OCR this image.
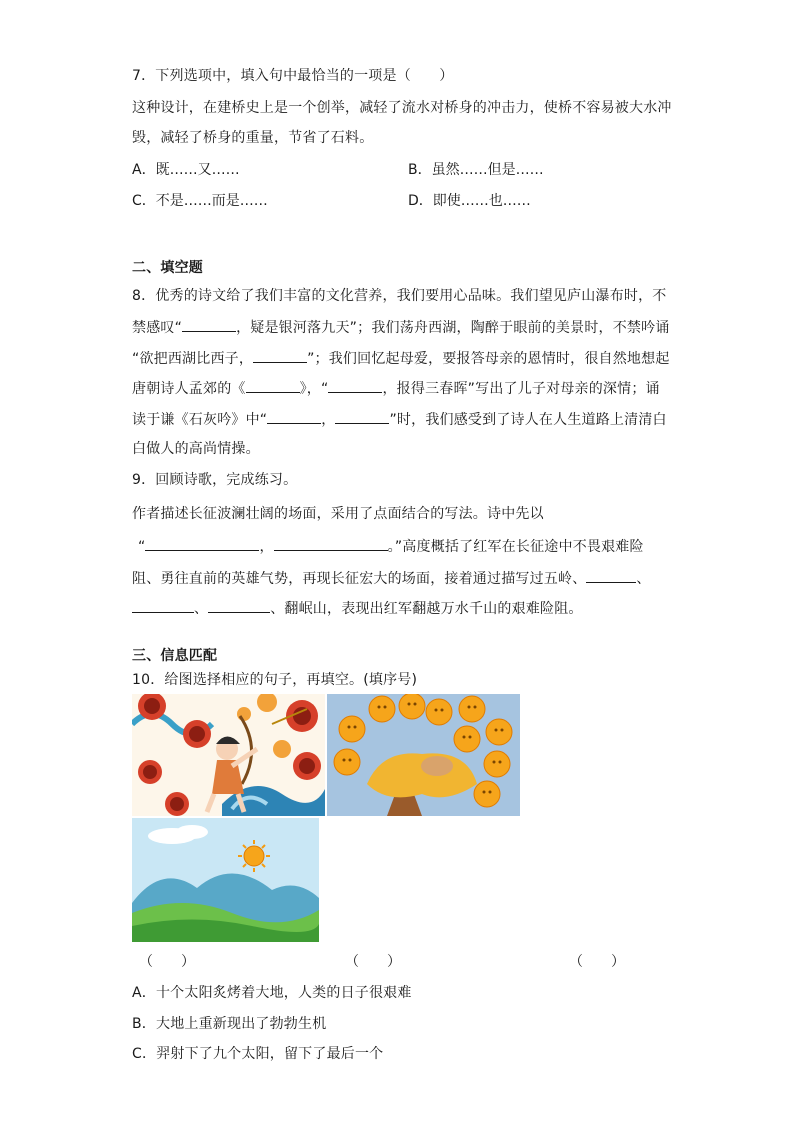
7．下列选项中，填入句中最恰当的一项是（　　）
这种设计，在建桥史上是一个创举，减轻了流水对桥身的冲击力，使桥不容易被大水冲
毁，减轻了桥身的重量，节省了石料。
A．既……又……	B．虽然……但是……
C．不是……而是……	D．即使……也……
二、填空题
8．优秀的诗文给了我们丰富的文化营养，我们要用心品味。我们望见庐山瀑布时，不
禁感叹“	，疑是银河落九天”；我们荡舟西湖，陶醉于眼前的美景时，不禁吟诵
“欲把西湖比西子，	”；我们回忆起母爱，要报答母亲的恩情时，很自然地想起
唐朝诗人孟郊的《	》，“	，报得三春晖”写出了儿子对母亲的深情；诵
读于谦《石灰吟》中“	，	”时，我们感受到了诗人在人生道路上清清白
白做人的高尚情操。
9．回顾诗歌，完成练习。
作者描述长征波澜壮阔的场面，采用了点面结合的写法。诗中先以
“	，	。”高度概括了红军在长征途中不畏艰难险
阻、勇往直前的英雄气势，再现长征宏大的场面，接着通过描写过五岭、	、
、	、翻岷山，表现出红军翻越万水千山的艰难险阻。
三、信息匹配
10．给图选择相应的句子，再填空。(填序号)
（　　）	（　　）	（　　）
A．十个太阳炙烤着大地，人类的日子很艰难
B．大地上重新现出了勃勃生机
C．羿射下了九个太阳，留下了最后一个
